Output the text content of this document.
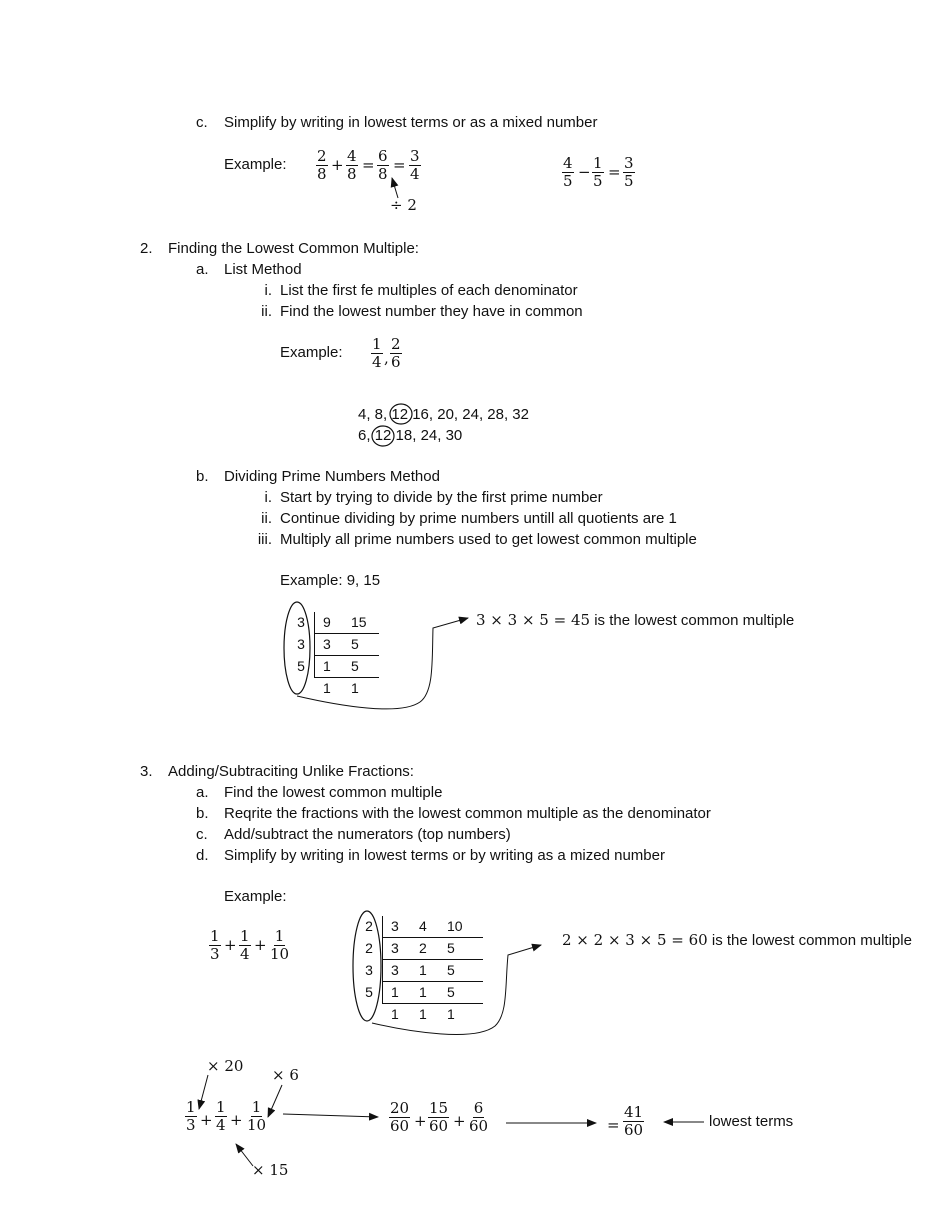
c. Simplify by writing in lowest terms or as a mixed number
Example: $\frac{2}{8} + \frac{4}{8} = \frac{6}{8} = \frac{3}{4}$
÷ 2
$\frac{4}{5} - \frac{1}{5} = \frac{3}{5}$
2. Finding the Lowest Common Multiple:
a. List Method
i. List the first fe multiples of each denominator
ii. Find the lowest number they have in common
Example: $\frac{1}{4}$ , $\frac{2}{6}$
4, 8, 12 16, 20, 24, 28, 32
6, 12 18, 24, 30
b. Dividing Prime Numbers Method
i. Start by trying to divide by the first prime number
ii. Continue dividing by prime numbers untill all quotients are 1
iii. Multiply all prime numbers used to get lowest common multiple
Example: 9, 15
3		9	15
3		3	5
5		1	5
		1	1
3 × 3 × 5 = 45 is the lowest common multiple
3. Adding/Subtraciting Unlike Fractions:
a. Find the lowest common multiple
b. Reqrite the fractions with the lowest common multiple as the denominator
c. Add/subtract the numerators (top numbers)
d. Simplify by writing in lowest terms or by writing as a mized number
Example:
$\frac{1}{3} + \frac{1}{4} + \frac{1}{10}$
2		3	4	10
2		3	2	5
3		3	1	5
5		1	1	5
		1	1	1
2 × 2 × 3 × 5 = 60 is the lowest common multiple
× 20 × 6
× 15
$\frac{1}{3} + \frac{1}{4} + \frac{1}{10}$	$\frac{20}{60} + \frac{15}{60} + \frac{6}{60}$	= $\frac{41}{60}$	lowest terms
